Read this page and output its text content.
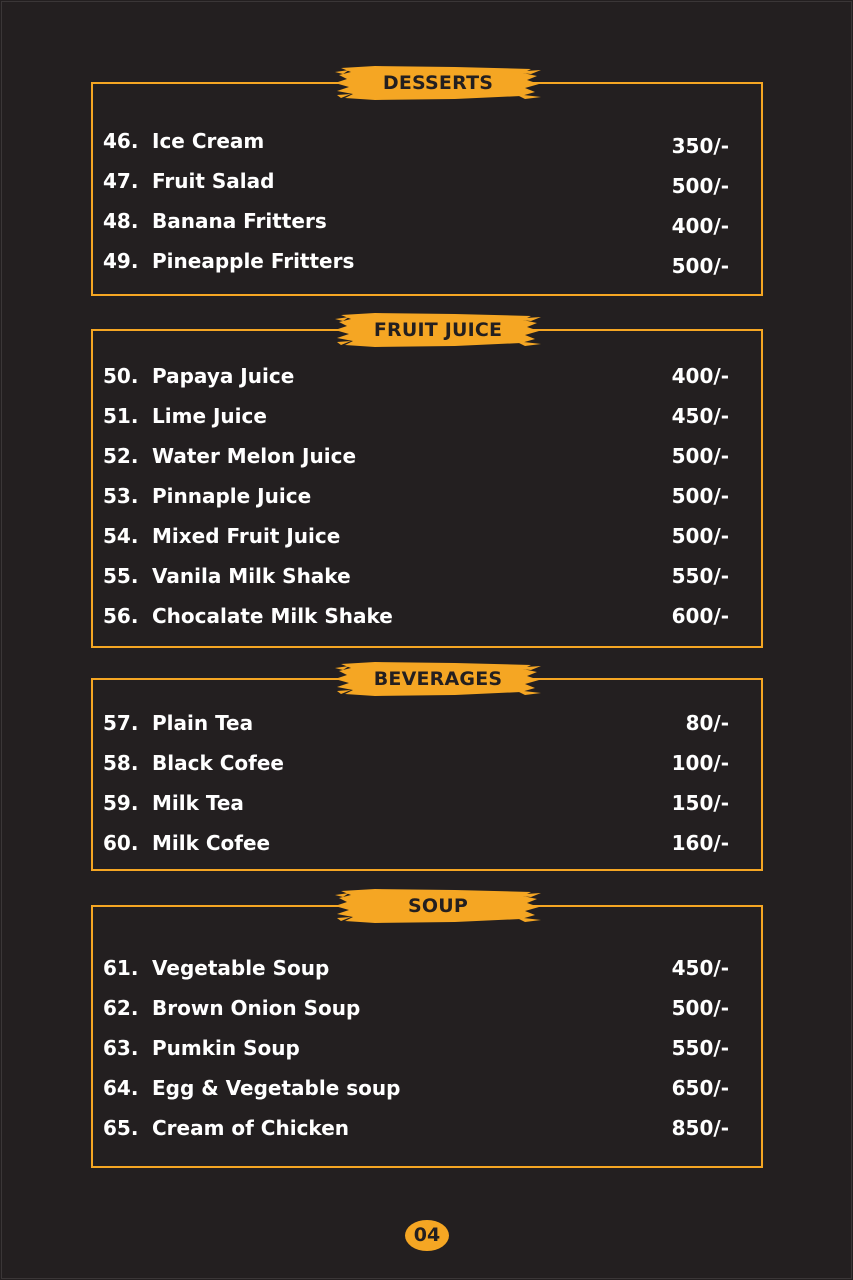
DESSERTS
46. Ice Cream	350/-
47. Fruit Salad	500/-
48. Banana Fritters	400/-
49. Pineapple Fritters	500/-
FRUIT JUICE
50. Papaya Juice	400/-
51. Lime Juice	450/-
52. Water Melon Juice	500/-
53. Pinnaple Juice	500/-
54. Mixed Fruit Juice	500/-
55. Vanila Milk Shake	550/-
56. Chocalate Milk Shake	600/-
BEVERAGES
57. Plain Tea	80/-
58. Black Cofee	100/-
59. Milk Tea	150/-
60. Milk Cofee	160/-
SOUP
61. Vegetable Soup	450/-
62. Brown Onion Soup	500/-
63. Pumkin Soup	550/-
64. Egg & Vegetable soup	650/-
65. Cream of Chicken	850/-
04
